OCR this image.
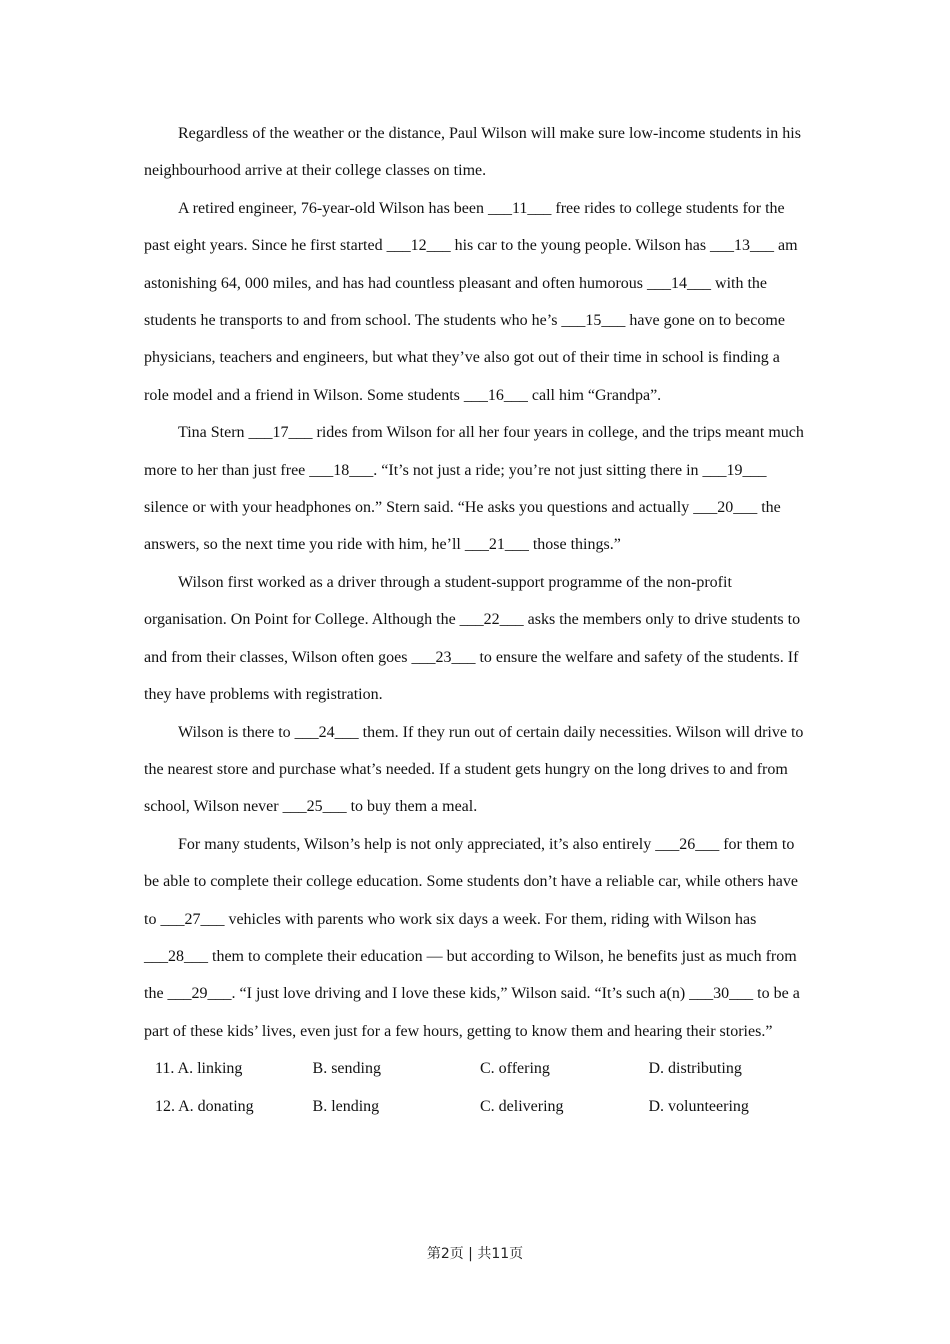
Regardless of the weather or the distance, Paul Wilson will make sure low-income students in his neighbourhood arrive at their college classes on time.

A retired engineer, 76-year-old Wilson has been ___11___ free rides to college students for the past eight years. Since he first started ___12___ his car to the young people. Wilson has ___13___ am astonishing 64, 000 miles, and has had countless pleasant and often humorous ___14___ with the students he transports to and from school. The students who he’s ___15___ have gone on to become physicians, teachers and engineers, but what they’ve also got out of their time in school is finding a role model and a friend in Wilson. Some students ___16___ call him “Grandpa”.

Tina Stern ___17___ rides from Wilson for all her four years in college, and the trips meant much more to her than just free ___18___. “It’s not just a ride; you’re not just sitting there in ___19___ silence or with your headphones on.” Stern said. “He asks you questions and actually ___20___ the answers, so the next time you ride with him, he’ll ___21___ those things.”

Wilson first worked as a driver through a student-support programme of the non-profit organisation. On Point for College. Although the ___22___ asks the members only to drive students to and from their classes, Wilson often goes ___23___ to ensure the welfare and safety of the students. If they have problems with registration.

Wilson is there to ___24___ them. If they run out of certain daily necessities. Wilson will drive to the nearest store and purchase what’s needed. If a student gets hungry on the long drives to and from school, Wilson never ___25___ to buy them a meal.

For many students, Wilson’s help is not only appreciated, it’s also entirely ___26___ for them to be able to complete their college education. Some students don’t have a reliable car, while others have to ___27___ vehicles with parents who work six days a week. For them, riding with Wilson has ___28___ them to complete their education — but according to Wilson, he benefits just as much from the ___29___. “I just love driving and I love these kids,” Wilson said. “It’s such a(n) ___30___ to be a part of these kids’ lives, even just for a few hours, getting to know them and hearing their stories.”

11. A. linking	B. sending	C. offering	D. distributing
12. A. donating	B. lending	C. delivering	D. volunteering
第2页 | 共11页
